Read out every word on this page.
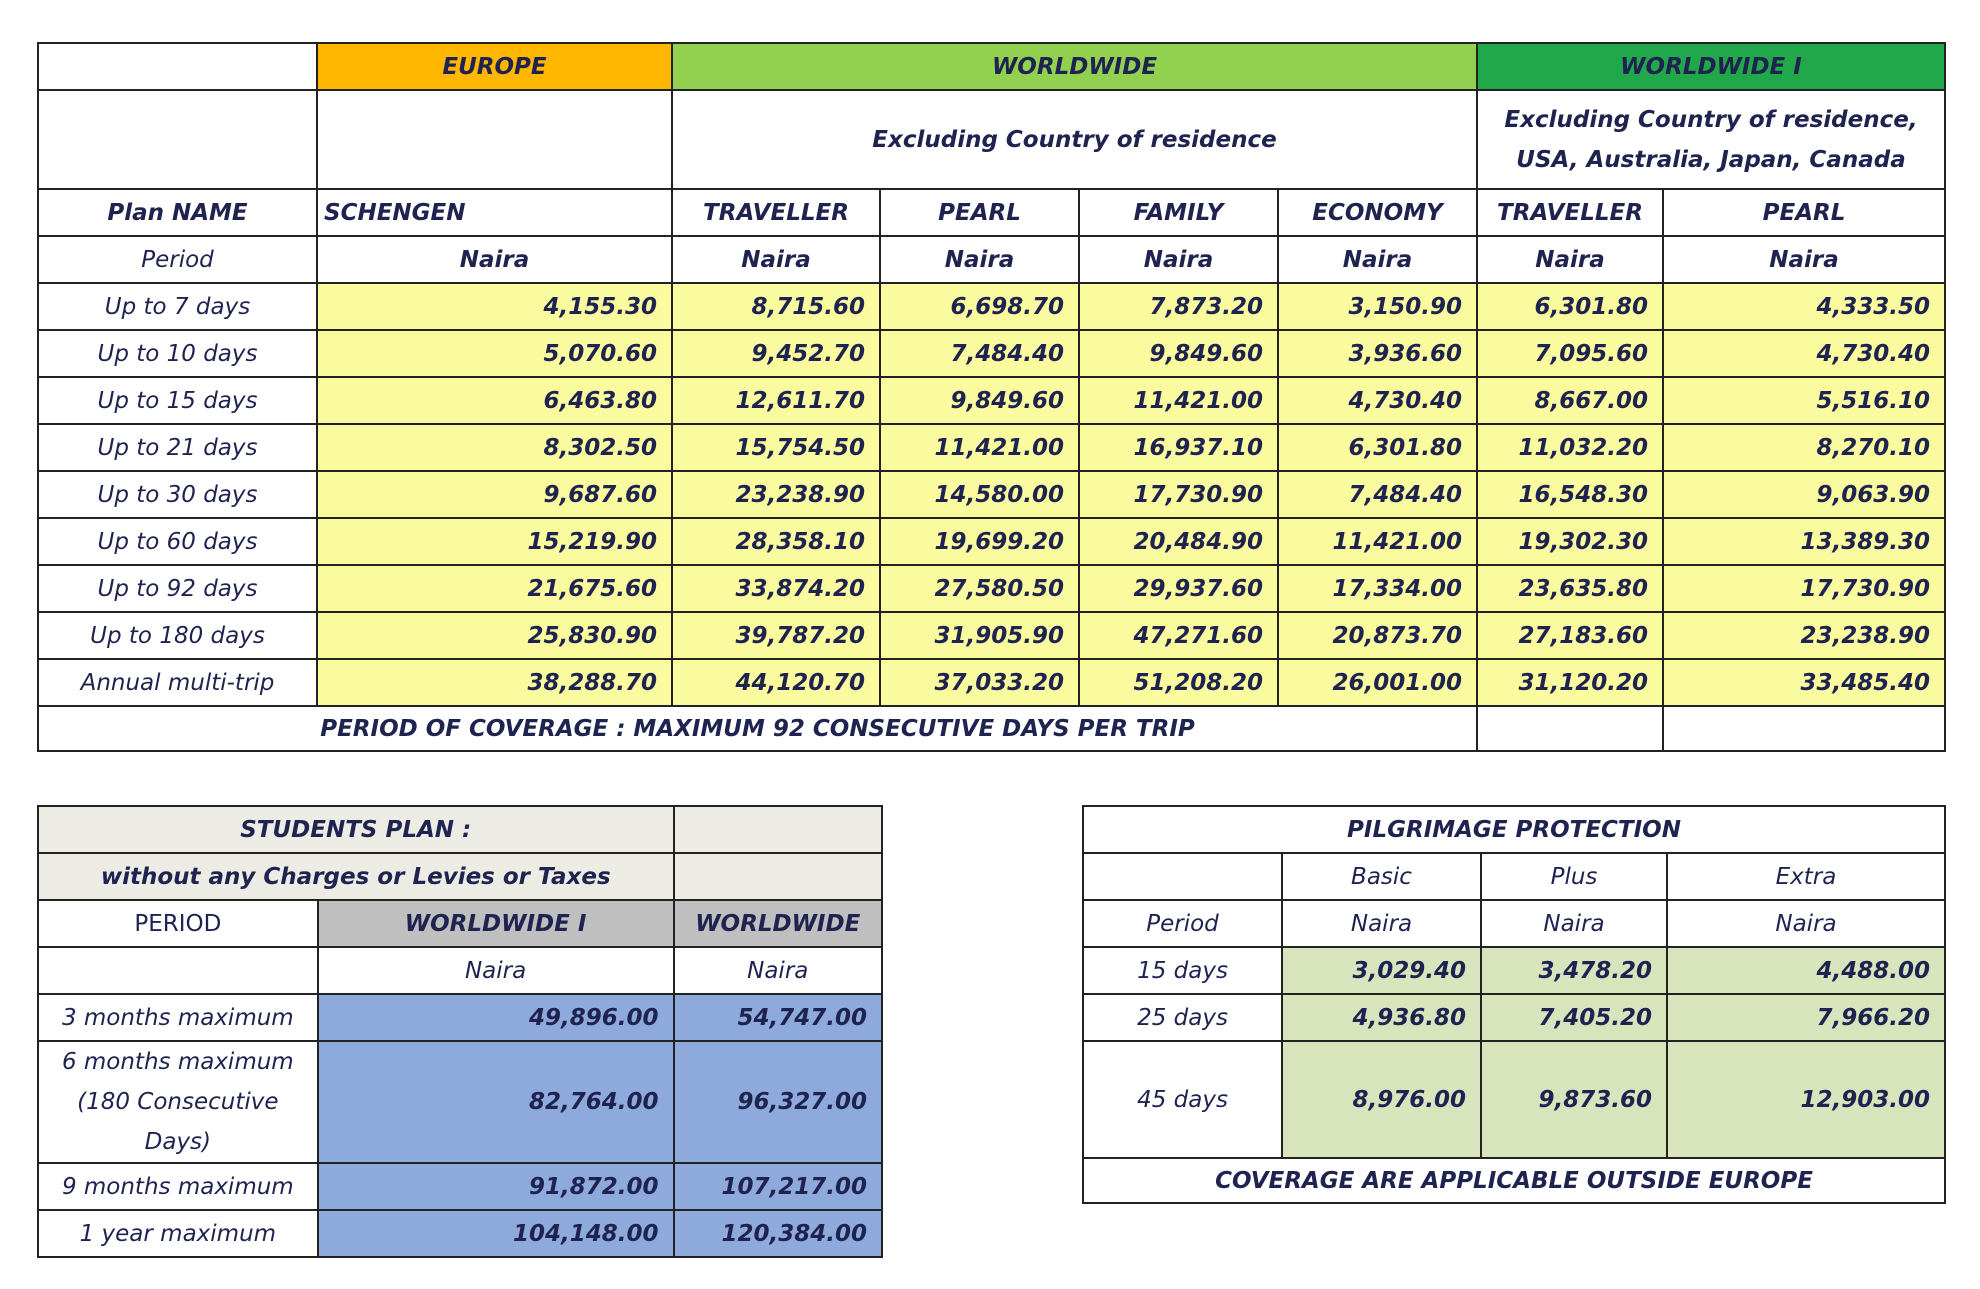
	EUROPE	WORLDWIDE				WORLDWIDE I	
		Excluding Country of residence				Excluding Country of residence,
USA, Australia, Japan, Canada	

Plan NAME	SCHENGEN	TRAVELLER	PEARL	FAMILY	ECONOMY	TRAVELLER	PEARL
Period	Naira	Naira	Naira	Naira	Naira	Naira	Naira
Up to 7 days	4,155.30	8,715.60	6,698.70	7,873.20	3,150.90	6,301.80	4,333.50
Up to 10 days	5,070.60	9,452.70	7,484.40	9,849.60	3,936.60	7,095.60	4,730.40
Up to 15 days	6,463.80	12,611.70	9,849.60	11,421.00	4,730.40	8,667.00	5,516.10
Up to 21 days	8,302.50	15,754.50	11,421.00	16,937.10	6,301.80	11,032.20	8,270.10
Up to 30 days	9,687.60	23,238.90	14,580.00	17,730.90	7,484.40	16,548.30	9,063.90
Up to 60 days	15,219.90	28,358.10	19,699.20	20,484.90	11,421.00	19,302.30	13,389.30
Up to 92 days	21,675.60	33,874.20	27,580.50	29,937.60	17,334.00	23,635.80	17,730.90
Up to 180 days	25,830.90	39,787.20	31,905.90	47,271.60	20,873.70	27,183.60	23,238.90
Annual multi-trip	38,288.70	44,120.70	37,033.20	51,208.20	26,001.00	31,120.20	33,485.40
PERIOD OF COVERAGE : MAXIMUM 92 CONSECUTIVE DAYS PER TRIP							
STUDENTS PLAN :		
without any Charges or Levies or Taxes		
PERIOD	WORLDWIDE I	WORLDWIDE
	Naira	Naira
3 months maximum	49,896.00	54,747.00

6 months maximum
(180 Consecutive
Days)	82,764.00	96,327.00
9 months maximum	91,872.00	107,217.00
1 year maximum	104,148.00	120,384.00
PILGRIMAGE PROTECTION			
	Basic	Plus	Extra
Period	Naira	Naira	Naira
15 days	3,029.40	3,478.20	4,488.00
25 days	4,936.80	7,405.20	7,966.20
45 days	8,976.00	9,873.60	12,903.00
COVERAGE ARE APPLICABLE OUTSIDE EUROPE			
